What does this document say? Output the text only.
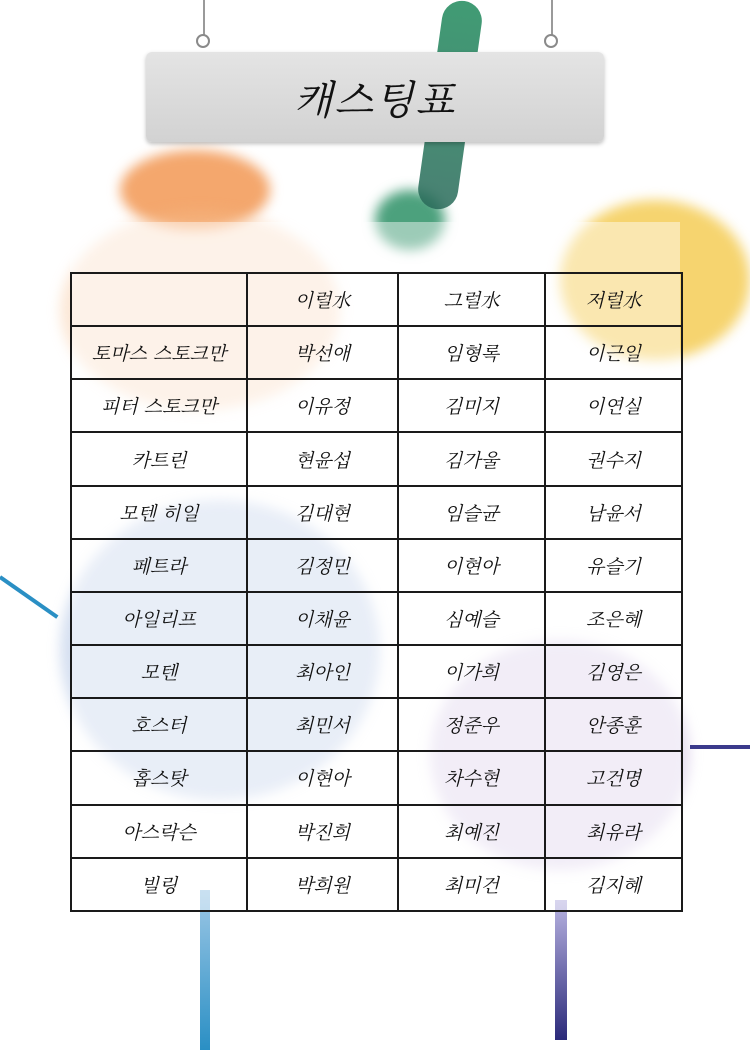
캐스팅표
	이럴水	그럴水	저럴水
토마스 스토크만	박선애	임형록	이근일
피터 스토크만	이유정	김미지	이연실
카트린	현윤섭	김가울	권수지
모텐 히일	김대현	임슬균	남윤서
페트라	김정민	이현아	유슬기
아일리프	이채윤	심예슬	조은혜
모텐	최아인	이가희	김영은
호스터	최민서	정준우	안종훈
홉스탓	이현아	차수현	고건명
아스락슨	박진희	최예진	최유라
빌링	박희원	최미건	김지혜
